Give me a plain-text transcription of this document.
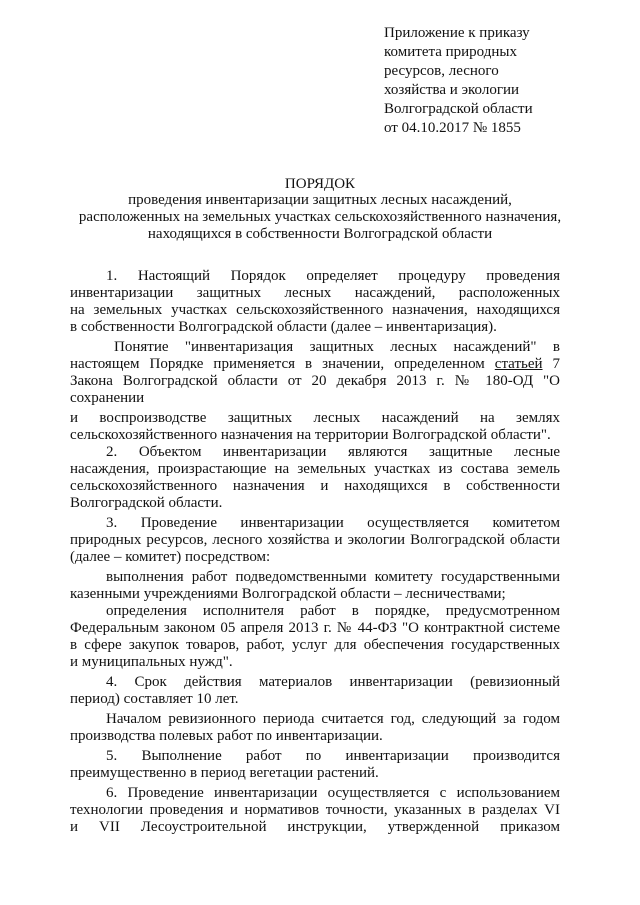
Приложение к приказу
комитета природных
ресурсов, лесного
хозяйства и экологии
Волгоградской области
от 04.10.2017 № 1855
ПОРЯДОК
проведения инвентаризации защитных лесных насаждений,
расположенных на земельных участках сельскохозяйственного назначения,
находящихся в собственности Волгоградской области
1. Настоящий Порядок определяет процедуру проведения
инвентаризации защитных лесных насаждений, расположенных
на земельных участках сельскохозяйственного назначения, находящихся
в собственности Волгоградской области (далее – инвентаризация).
Понятие "инвентаризация защитных лесных насаждений" в
настоящем Порядке применяется в значении, определенном статьей 7
Закона Волгоградской области от 20 декабря 2013 г. № 180-ОД "О
сохранении
и воспроизводстве защитных лесных насаждений на землях
сельскохозяйственного назначения на территории Волгоградской области".
2. Объектом инвентаризации являются защитные лесные
насаждения, произрастающие на земельных участках из состава земель
сельскохозяйственного назначения и находящихся в собственности
Волгоградской области.
3. Проведение инвентаризации осуществляется комитетом
природных ресурсов, лесного хозяйства и экологии Волгоградской области
(далее – комитет) посредством:
выполнения работ подведомственными комитету государственными
казенными учреждениями Волгоградской области – лесничествами;
определения исполнителя работ в порядке, предусмотренном
Федеральным законом 05 апреля 2013 г. № 44-ФЗ "О контрактной системе
в сфере закупок товаров, работ, услуг для обеспечения государственных
и муниципальных нужд".
4. Срок действия материалов инвентаризации (ревизионный
период) составляет 10 лет.
Началом ревизионного периода считается год, следующий за годом
производства полевых работ по инвентаризации.
5. Выполнение работ по инвентаризации производится
преимущественно в период вегетации растений.
6. Проведение инвентаризации осуществляется с использованием
технологии проведения и нормативов точности, указанных в разделах VI
и VII Лесоустроительной инструкции, утвержденной приказом
